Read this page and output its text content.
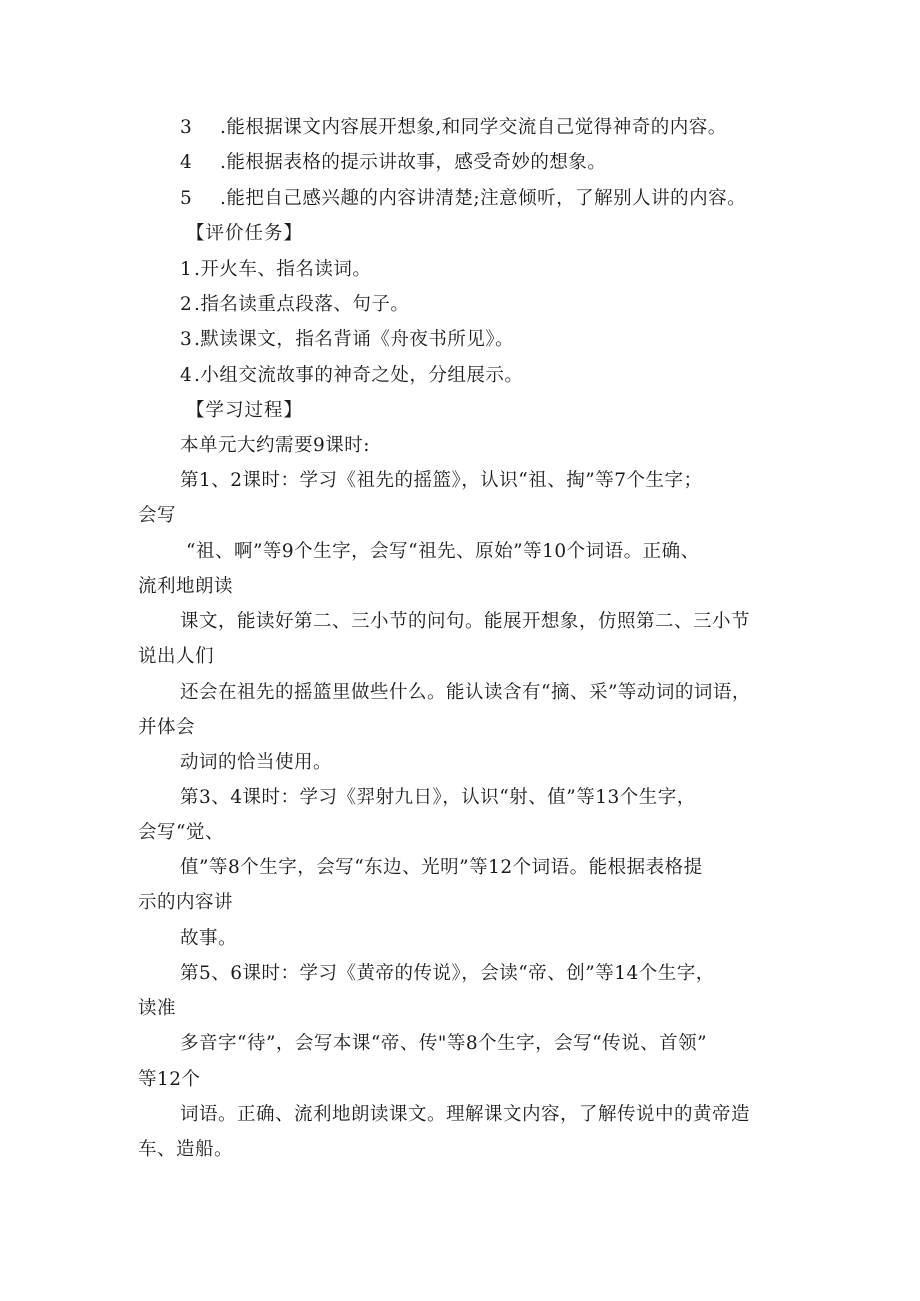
3 .能根据课文内容展开想象,和同学交流自己觉得神奇的内容。
4 .能根据表格的提示讲故事，感受奇妙的想象。
5 .能把自己感兴趣的内容讲清楚;注意倾听，了解别人讲的内容。
【评价任务】
1.开火车、指名读词。
2.指名读重点段落、句子。
3.默读课文，指名背诵《舟夜书所见》。
4.小组交流故事的神奇之处，分组展示。
【学习过程】
本单元大约需要9课时:
第1、2课时：学习《祖先的摇篮》，认识“祖、掏”等7个生字；
会写
“祖、啊”等9个生字，会写“祖先、原始”等10个词语。正确、
流利地朗读
课文，能读好第二、三小节的问句。能展开想象，仿照第二、三小节
说出人们
还会在祖先的摇篮里做些什么。能认读含有“摘、采”等动词的词语，
并体会
动词的恰当使用。
第3、4课时：学习《羿射九日》，认识“射、值”等13个生字，
会写“觉、
值”等8个生字，会写“东边、光明”等12个词语。能根据表格提
示的内容讲
故事。
第5、6课时：学习《黄帝的传说》，会读“帝、创”等14个生字，
读准
多音字“待”，会写本课“帝、传"等8个生字，会写“传说、首领”
等12个
词语。正确、流利地朗读课文。理解课文内容，了解传说中的黄帝造
车、造船。
